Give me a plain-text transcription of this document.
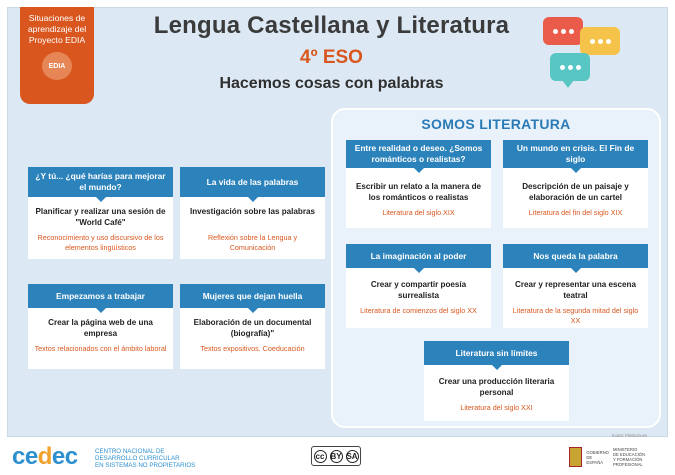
Situaciones de
aprendizaje del
Proyecto EDIA
EDIA
Lengua Castellana y Literatura
4º ESO
Hacemos cosas con palabras
SOMOS LITERATURA
Entre realidad o deseo. ¿Somos románticos o realistas?
Escribir un relato a la manera de los románticos o realistas
Literatura del siglo XIX
Un mundo en crisis. El Fin de siglo
Descripción de un paisaje y elaboración de un cartel
Literatura del fin del siglo XIX
La imaginación al poder
Crear y compartir poesía surrealista
Literatura de comienzos del siglo XX
Nos queda la palabra
Crear y representar una escena teatral
Literatura de la segunda mitad del siglo XX
Literatura sin límites
Crear una producción literaria personal
Literatura del siglo XXI
¿Y tú... ¿qué harías para mejorar el mundo?
Planificar y realizar una sesión de "World Café"
Reconocimiento y uso discursivo de los elementos lingüísticos
La vida de las palabras
Investigación sobre las palabras
Reflexión sobre la Lengua y Comunicación
Empezamos a trabajar
Crear la página web de una empresa
Textos relacionados con el ámbito laboral
Mujeres que dejan huella
Elaboración de un documental (biografía)"
Textos expositivos. Coeducación
Icons: Flaticon.es
cedec	CENTRO NACIONAL DE
DESARROLLO CURRICULAR
EN SISTEMAS NO PROPIETARIOS
cc BY SA	GOBIERNO
DE ESPAÑA
MINISTERIO
DE EDUCACIÓN
Y FORMACIÓN PROFESIONAL
